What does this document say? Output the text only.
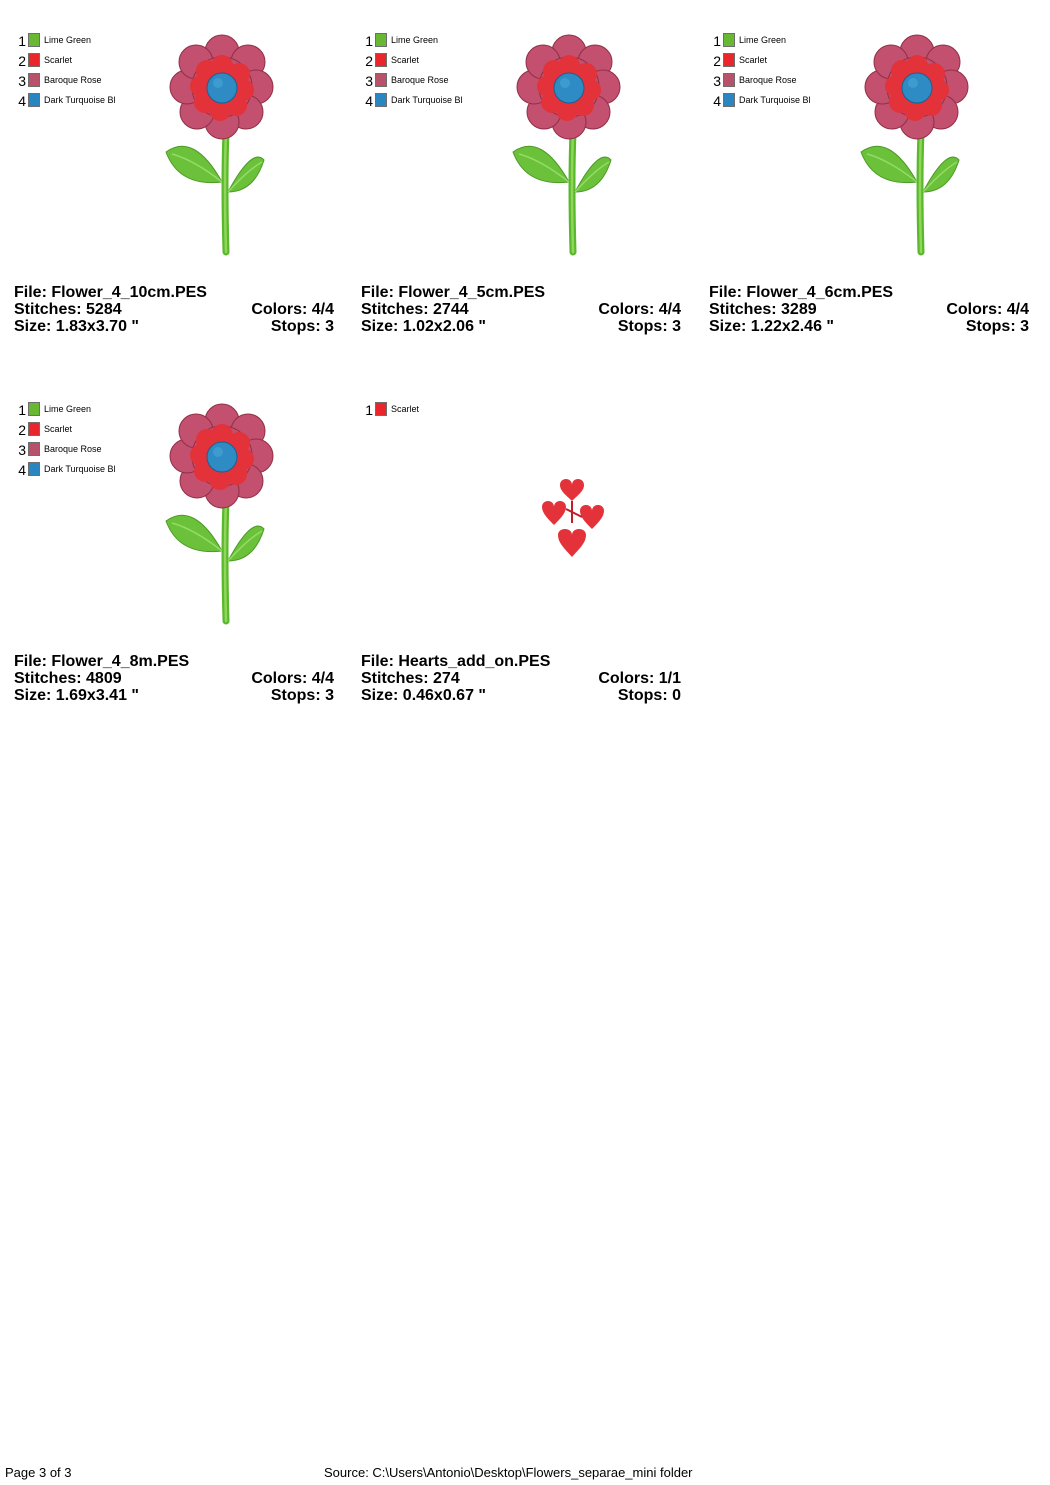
1 Lime Green
2 Scarlet
3 Baroque Rose
4 Dark Turquoise Bl
File: Flower_4_10cm.PES
Stitches: 5284	Colors: 4/4
Size: 1.83x3.70 "	Stops: 3
1 Lime Green
2 Scarlet
3 Baroque Rose
4 Dark Turquoise Bl
File: Flower_4_5cm.PES
Stitches: 2744	Colors: 4/4
Size: 1.02x2.06 "	Stops: 3
1 Lime Green
2 Scarlet
3 Baroque Rose
4 Dark Turquoise Bl
File: Flower_4_6cm.PES
Stitches: 3289	Colors: 4/4
Size: 1.22x2.46 "	Stops: 3
1 Lime Green
2 Scarlet
3 Baroque Rose
4 Dark Turquoise Bl
File: Flower_4_8m.PES
Stitches: 4809	Colors: 4/4
Size: 1.69x3.41 "	Stops: 3
1 Scarlet
File: Hearts_add_on.PES
Stitches: 274	Colors: 1/1
Size: 0.46x0.67 "	Stops: 0
Page 3 of 3	Source: C:\Users\Antonio\Desktop\Flowers_separae_mini folder
